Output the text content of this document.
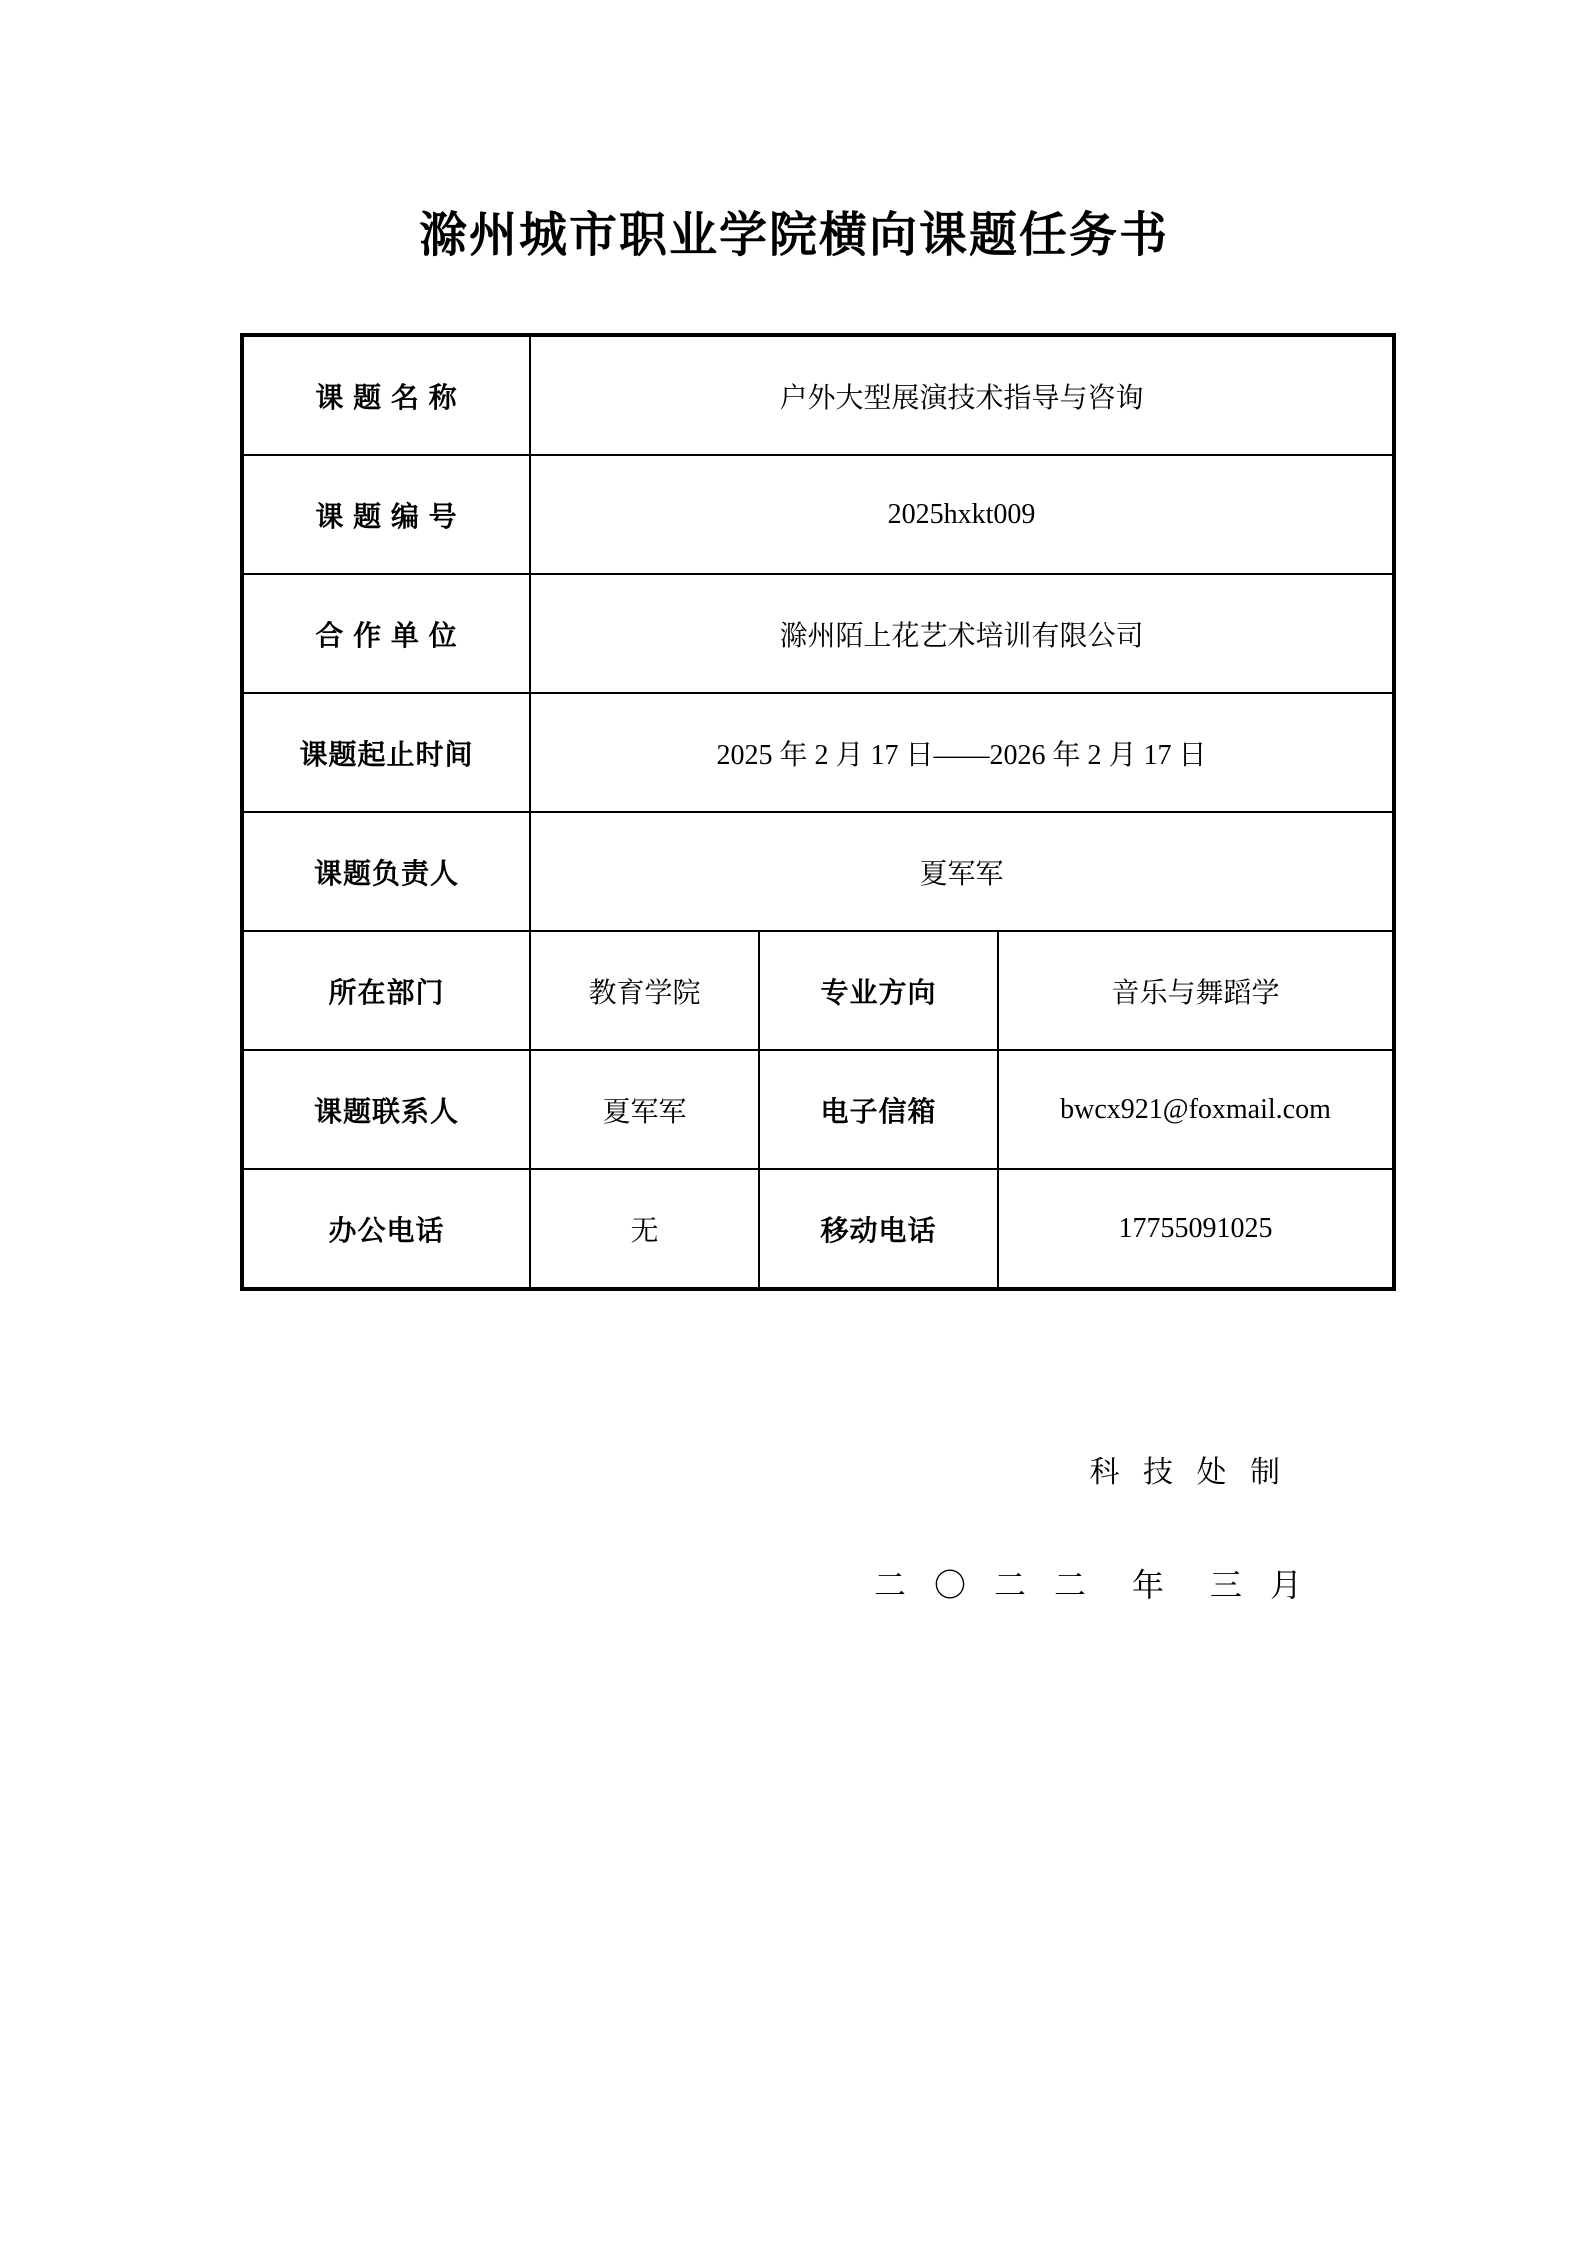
滁州城市职业学院横向课题任务书
课 题 名 称	户外大型展演技术指导与咨询		
课 题 编 号	2025hxkt009		
合 作 单 位	滁州陌上花艺术培训有限公司		
课题起止时间	2025 年 2 月 17 日——2026 年 2 月 17 日		
课题负责人	夏军军		
所在部门	教育学院	专业方向	音乐与舞蹈学
课题联系人	夏军军	电子信箱	bwcx921@foxmail.com
办公电话	无	移动电话	17755091025
科 技 处 制
二 〇 二 二  年  三 月
